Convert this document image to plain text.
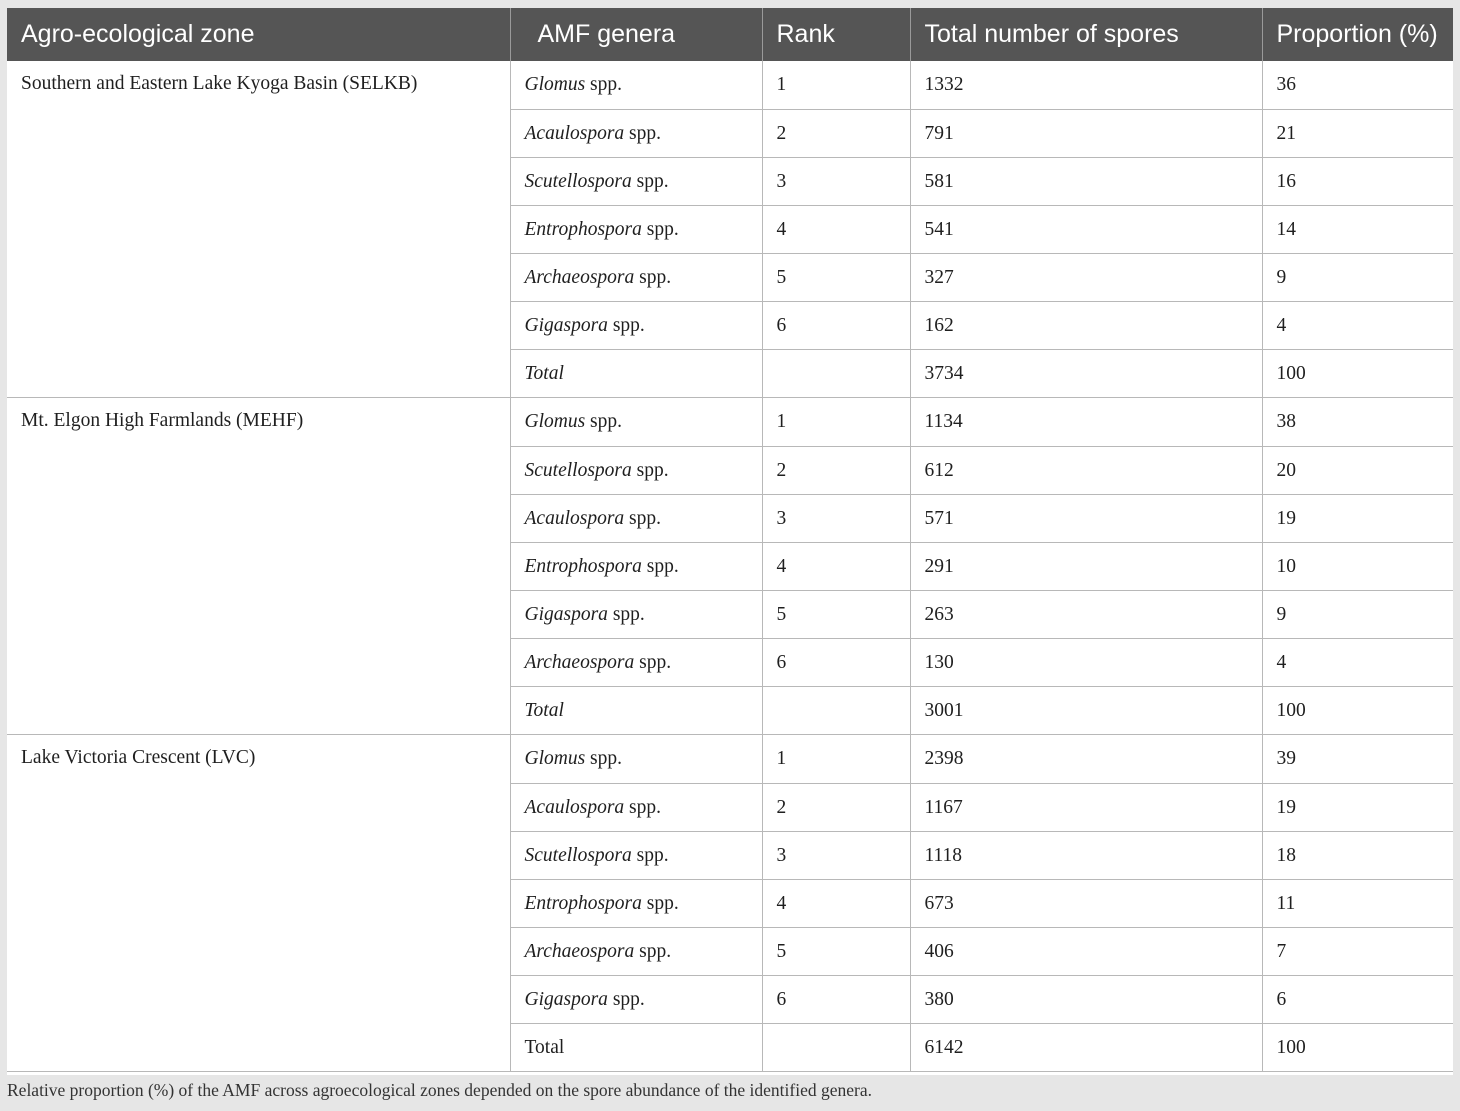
Agro-ecological zone	AMF genera	Rank	Total number of spores	Proportion (%)
Southern and Eastern Lake Kyoga Basin (SELKB)	Glomus spp.	1	1332	36
	Acaulospora spp.	2	791	21
	Scutellospora spp.	3	581	16
	Entrophospora spp.	4	541	14
	Archaeospora spp.	5	327	9
	Gigaspora spp.	6	162	4
	Total		3734	100
Mt. Elgon High Farmlands (MEHF)	Glomus spp.	1	1134	38
	Scutellospora spp.	2	612	20
	Acaulospora spp.	3	571	19
	Entrophospora spp.	4	291	10
	Gigaspora spp.	5	263	9
	Archaeospora spp.	6	130	4
	Total		3001	100
Lake Victoria Crescent (LVC)	Glomus spp.	1	2398	39
	Acaulospora spp.	2	1167	19
	Scutellospora spp.	3	1118	18
	Entrophospora spp.	4	673	11
	Archaeospora spp.	5	406	7
	Gigaspora spp.	6	380	6
	Total		6142	100
Relative proportion (%) of the AMF across agroecological zones depended on the spore abundance of the identified genera.
